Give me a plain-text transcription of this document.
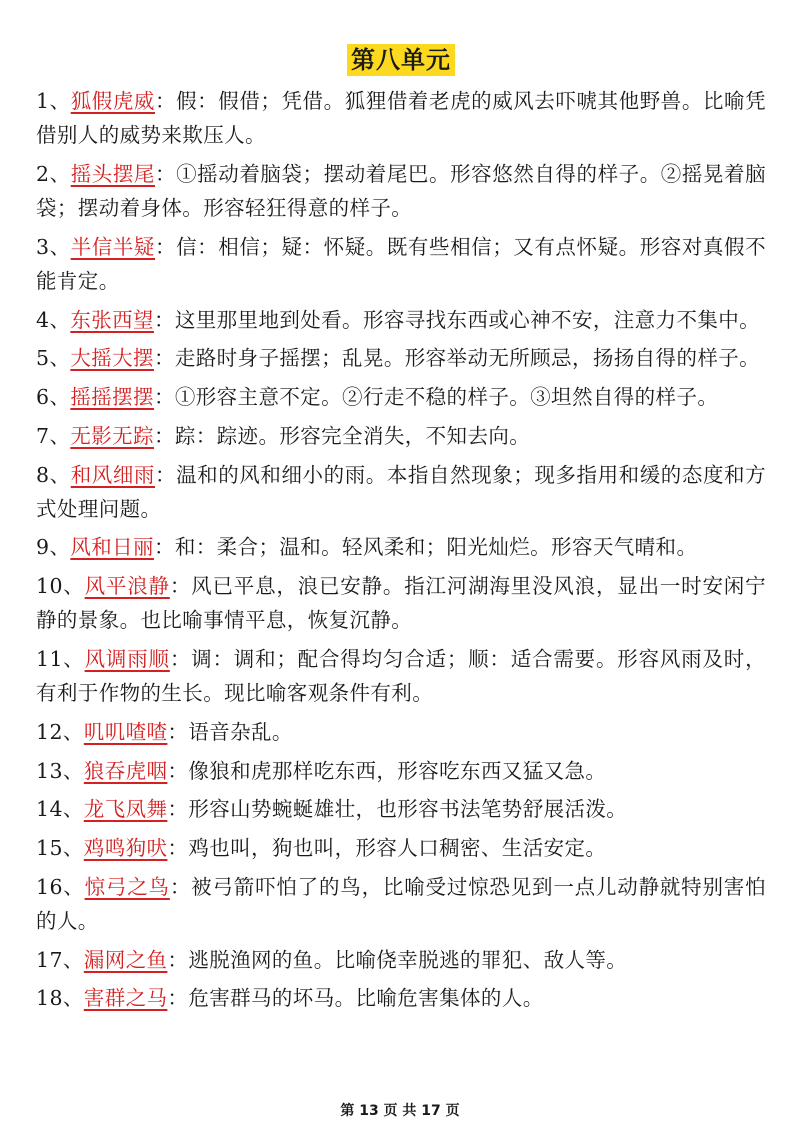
第八单元
1、狐假虎威：假：假借；凭借。狐狸借着老虎的威风去吓唬其他野兽。比喻凭借别人的威势来欺压人。
2、摇头摆尾：①摇动着脑袋；摆动着尾巴。形容悠然自得的样子。②摇晃着脑袋；摆动着身体。形容轻狂得意的样子。
3、半信半疑：信：相信；疑：怀疑。既有些相信；又有点怀疑。形容对真假不能肯定。
4、东张西望：这里那里地到处看。形容寻找东西或心神不安，注意力不集中。
5、大摇大摆：走路时身子摇摆；乱晃。形容举动无所顾忌，扬扬自得的样子。
6、摇摇摆摆：①形容主意不定。②行走不稳的样子。③坦然自得的样子。
7、无影无踪：踪：踪迹。形容完全消失，不知去向。
8、和风细雨：温和的风和细小的雨。本指自然现象；现多指用和缓的态度和方式处理问题。
9、风和日丽：和：柔合；温和。轻风柔和；阳光灿烂。形容天气晴和。
10、风平浪静：风已平息，浪已安静。指江河湖海里没风浪，显出一时安闲宁静的景象。也比喻事情平息，恢复沉静。
11、风调雨顺：调：调和；配合得均匀合适；顺：适合需要。形容风雨及时，有利于作物的生长。现比喻客观条件有利。
12、叽叽喳喳：语音杂乱。
13、狼吞虎咽：像狼和虎那样吃东西，形容吃东西又猛又急。
14、龙飞凤舞：形容山势蜿蜒雄壮，也形容书法笔势舒展活泼。
15、鸡鸣狗吠：鸡也叫，狗也叫，形容人口稠密、生活安定。
16、惊弓之鸟：被弓箭吓怕了的鸟，比喻受过惊恐见到一点儿动静就特别害怕的人。
17、漏网之鱼：逃脱渔网的鱼。比喻侥幸脱逃的罪犯、敌人等。
18、害群之马：危害群马的坏马。比喻危害集体的人。
第 13 页 共 17 页
